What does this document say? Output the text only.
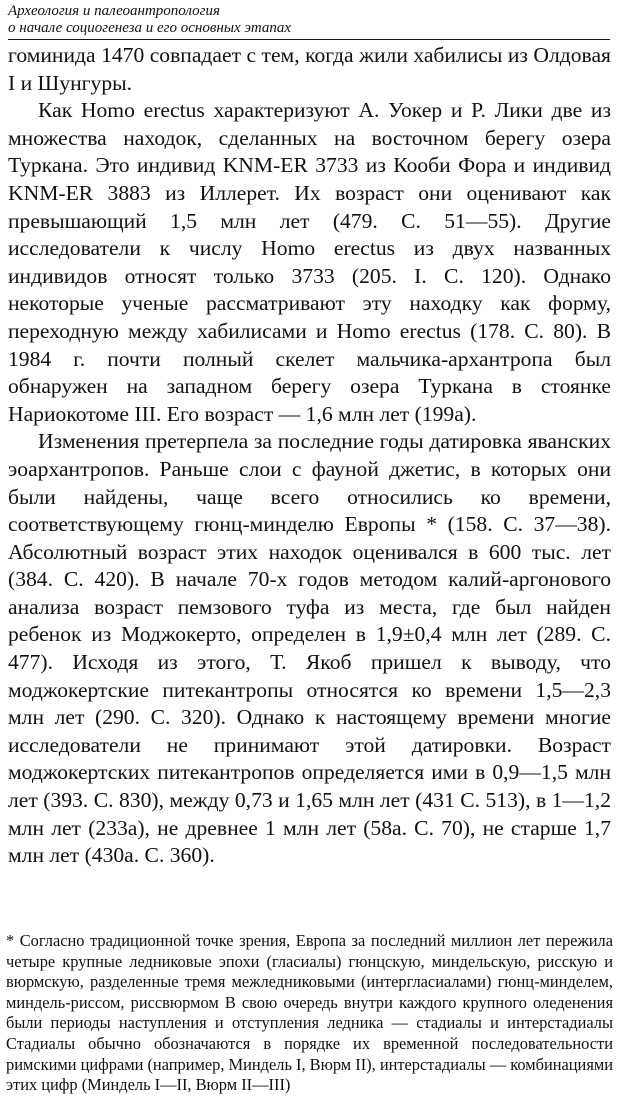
Археология и палеоантропология
о начале социогенеза и его основных этапах

гоминида 1470 совпадает с тем, когда жили хабилисы из Олдовая I и Шунгуры.

Как Homo erectus характеризуют А. Уокер и Р. Лики две из множества находок, сделанных на восточном берегу озера Туркана. Это индивид KNM-ER 3733 из Кооби Фора и индивид KNM-ER 3883 из Иллерет. Их возраст они оценивают как превышающий 1,5 млн лет (479. С. 51—55). Другие исследователи к числу Homo erectus из двух названных индивидов относят только 3733 (205. I. С. 120). Однако некоторые ученые рассматривают эту находку как форму, переходную между хабилисами и Homo erectus (178. С. 80). В 1984 г. почти полный скелет мальчика-архантропа был обнаружен на западном берегу озера Туркана в стоянке Нариокотоме III. Его возраст — 1,6 млн лет (199а).

Изменения претерпела за последние годы датировка яванских эоархантропов. Раньше слои с фауной джетис, в которых они были найдены, чаще всего относились ко времени, соответствующему гюнц-минделю Европы * (158. С. 37—38). Абсолютный возраст этих находок оценивался в 600 тыс. лет (384. С. 420). В начале 70-х годов методом калий-аргонового анализа возраст пемзового туфа из места, где был найден ребенок из Моджокерто, определен в 1,9±0,4 млн лет (289. С. 477). Исходя из этого, Т. Якоб пришел к выводу, что моджокертские питекантропы относятся ко времени 1,5—2,3 млн лет (290. С. 320). Однако к настоящему времени многие исследователи не принимают этой датировки. Возраст моджокертских питекантропов определяется ими в 0,9—1,5 млн лет (393. С. 830), между 0,73 и 1,65 млн лет (431 С. 513), в 1—1,2 млн лет (233а), не древнее 1 млн лет (58а. С. 70), не старше 1,7 млн лет (430а. С. 360).

* Согласно традиционной точке зрения, Европа за последний миллион лет пережила четыре крупные ледниковые эпохи (гласиалы) гюнцскую, миндельскую, рисскую и вюрмскую, разделенные тремя межледниковыми (интергласиалами) гюнц-минделем, миндель-риссом, риссвюрмом В свою очередь внутри каждого крупного оледенения были периоды наступления и отступления ледника — стадиалы и интерстадиалы Стадиалы обычно обозначаются в порядке их временной последовательности римскими цифрами (например, Миндель I, Вюрм II), интерстадиалы — комбинациями этих цифр (Миндель I—II, Вюрм II—III)
